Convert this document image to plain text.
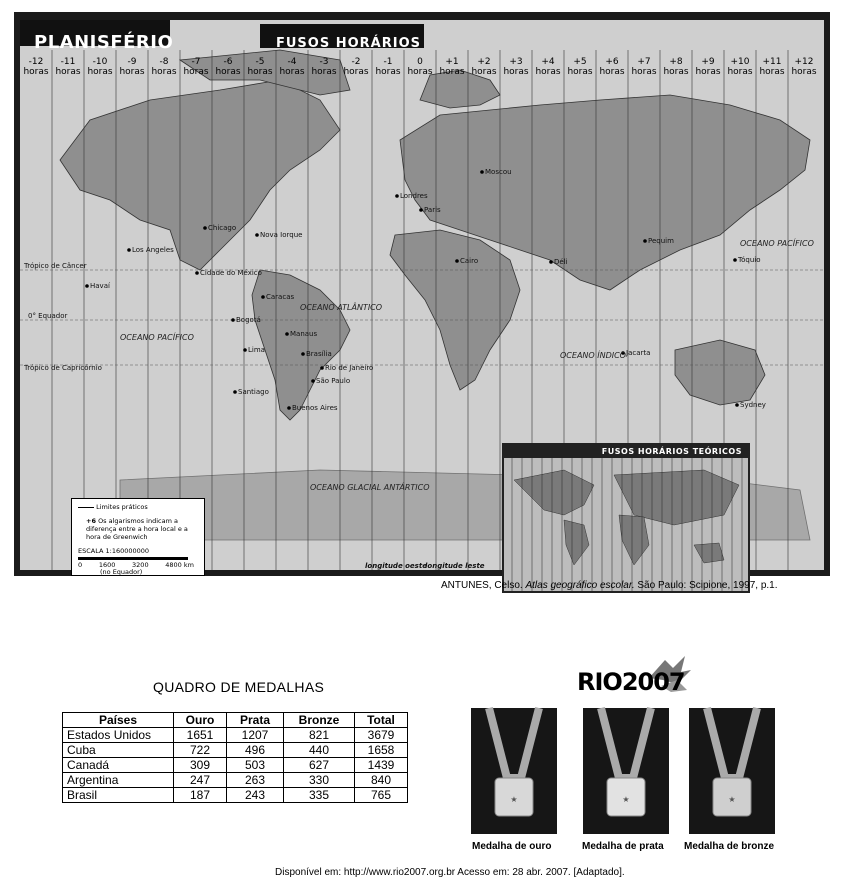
-12
horas
-11
horas
-10
horas
-9
horas
-8
horas
-7
horas
-6
horas
-5
horas
-4
horas
-3
horas
-2
horas
-1
horas
0
horas
+1
horas
+2
horas
+3
horas
+4
horas
+5
horas
+6
horas
+7
horas
+8
horas
+9
horas
+10
horas
+11
horas
+12
horas
Los Angeles
Chicago
Nova Iorque
Cidade do México
Havaí
Caracas
Bogotá
Manaus
Lima	Brasília
Rio de Janeiro
São Paulo
Santiago
Buenos Aires
Londres
Paris
Moscou
Cairo	Déli
Pequim
Tóquio
Jacarta
Sydney
OCEANO ATLÂNTICO
OCEANO PACÍFICO
OCEANO ÍNDICO
OCEANO PACÍFICO
OCEANO GLACIAL ANTÁRTICO
Trópico de Câncer
Trópico de Capricórnio
0° Equador
longitude oeste
longitude leste
Limites práticos
+6 Os algarismos indicam a diferença entre a hora local e a hora de Greenwich
ESCALA 1:160000000
0	1600	3200	4800 km
(no Equador)
FUSOS HORÁRIOS TEÓRICOS
PLANISFÉRIO	FUSOS HORÁRIOS
ANTUNES, Celso. Atlas geográfico escolar. São Paulo: Scipione, 1997, p.1.
QUADRO DE MEDALHAS
Países	Ouro	Prata	Bronze	Total
Estados Unidos	1651	1207	821	3679
Cuba	722	496	440	1658
Canadá	309	503	627	1439
Argentina	247	263	330	840
Brasil	187	243	335	765
RIO2007
★	★	★
Medalha de ouro	Medalha de prata Medalha de bronze
Disponível em: http://www.rio2007.org.br Acesso em: 28 abr. 2007. [Adaptado].
